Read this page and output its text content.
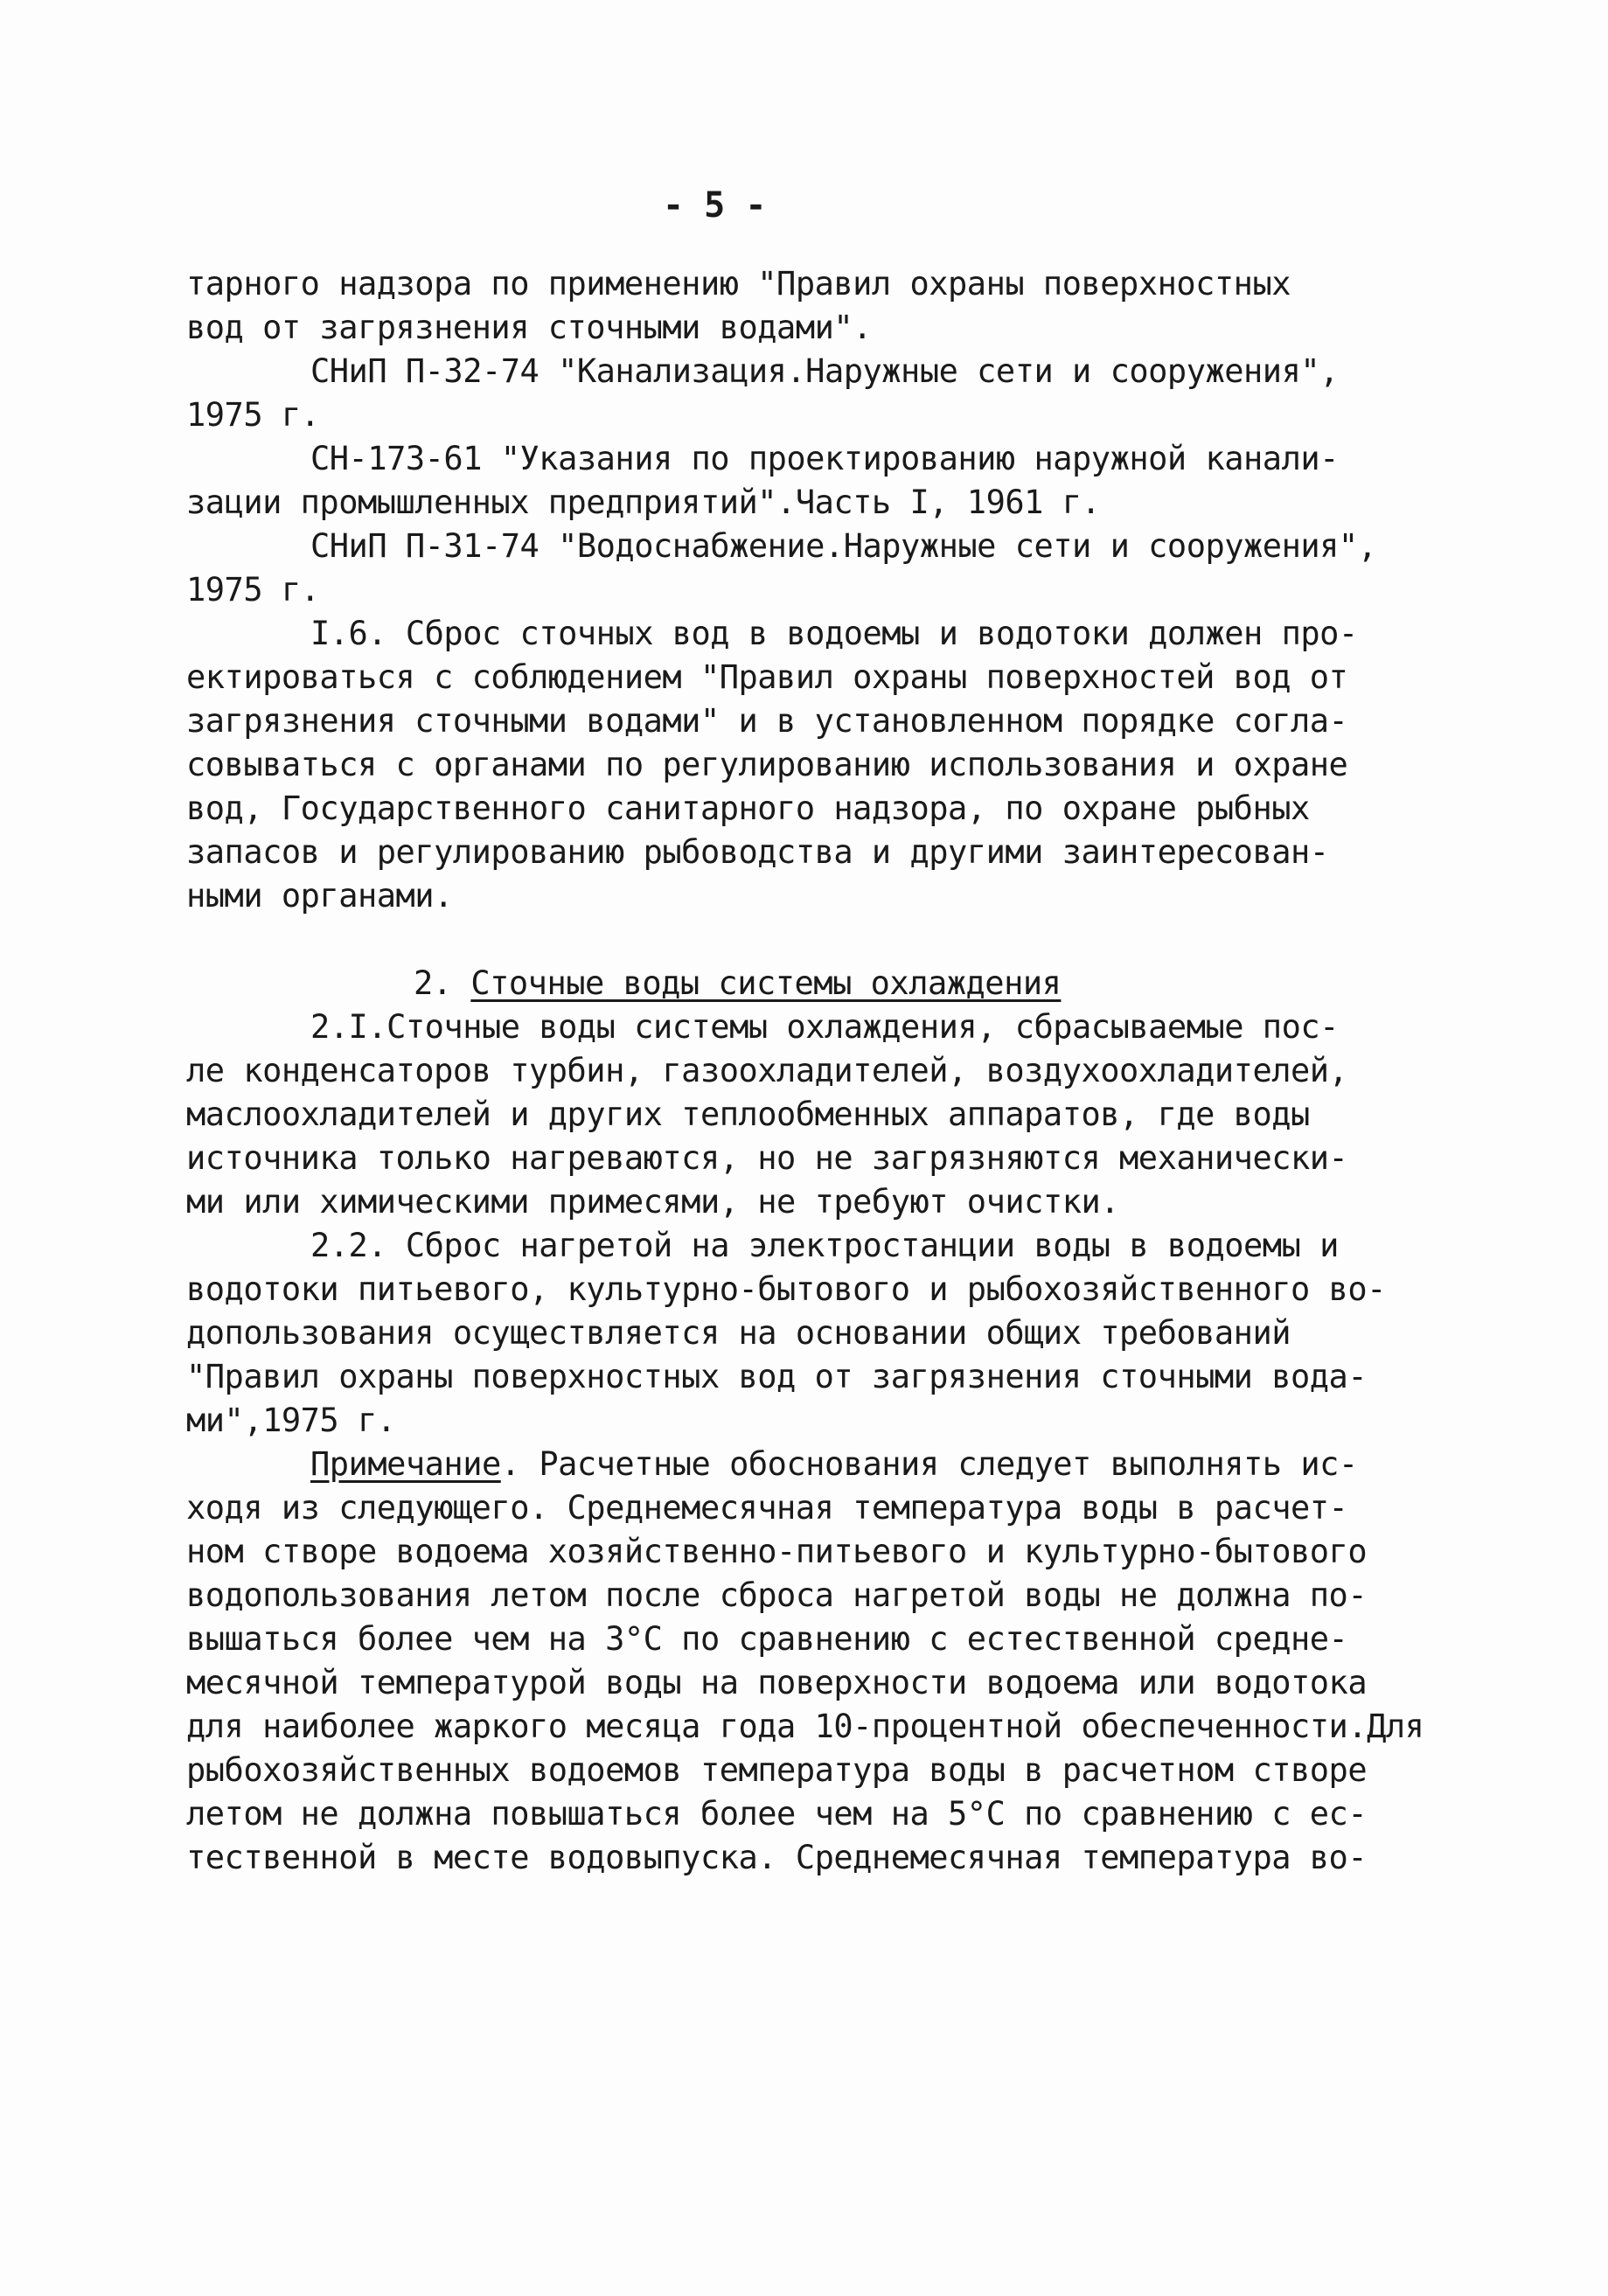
- 5 -
тарного надзора по применению "Правил охраны поверхностных
вод от загрязнения сточными водами".
СНиП П-32-74 "Канализация.Наружные сети и сооружения",
1975 г.
СН-173-61 "Указания по проектированию наружной канали-
зации промышленных предприятий".Часть I, 1961 г.
СНиП П-31-74 "Водоснабжение.Наружные сети и сооружения",
1975 г.
I.6. Сброс сточных вод в водоемы и водотоки должен про-
ектироваться с соблюдением "Правил охраны поверхностей вод от
загрязнения сточными водами" и в установленном порядке согла-
совываться с органами по регулированию использования и охране
вод, Государственного санитарного надзора, по охране рыбных
запасов и регулированию рыбоводства и другими заинтересован-
ными органами.
2. Сточные воды системы охлаждения
2.I.Сточные воды системы охлаждения, сбрасываемые пос-
ле конденсаторов турбин, газоохладителей, воздухоохладителей,
маслоохладителей и других теплообменных аппаратов, где воды
источника только нагреваются, но не загрязняются механически-
ми или химическими примесями, не требуют очистки.
2.2. Сброс нагретой на электростанции воды в водоемы и
водотоки питьевого, культурно-бытового и рыбохозяйственного во-
допользования осуществляется на основании общих требований
"Правил охраны поверхностных вод от загрязнения сточными вода-
ми",1975 г.
Примечание. Расчетные обоснования следует выполнять ис-
ходя из следующего. Среднемесячная температура воды в расчет-
ном створе водоема хозяйственно-питьевого и культурно-бытового
водопользования летом после сброса нагретой воды не должна по-
вышаться более чем на 3°С по сравнению с естественной средне-
месячной температурой воды на поверхности водоема или водотока
для наиболее жаркого месяца года 10-процентной обеспеченности.Для
рыбохозяйственных водоемов температура воды в расчетном створе
летом не должна повышаться более чем на 5°С по сравнению с ес-
тественной в месте водовыпуска. Среднемесячная температура во-
